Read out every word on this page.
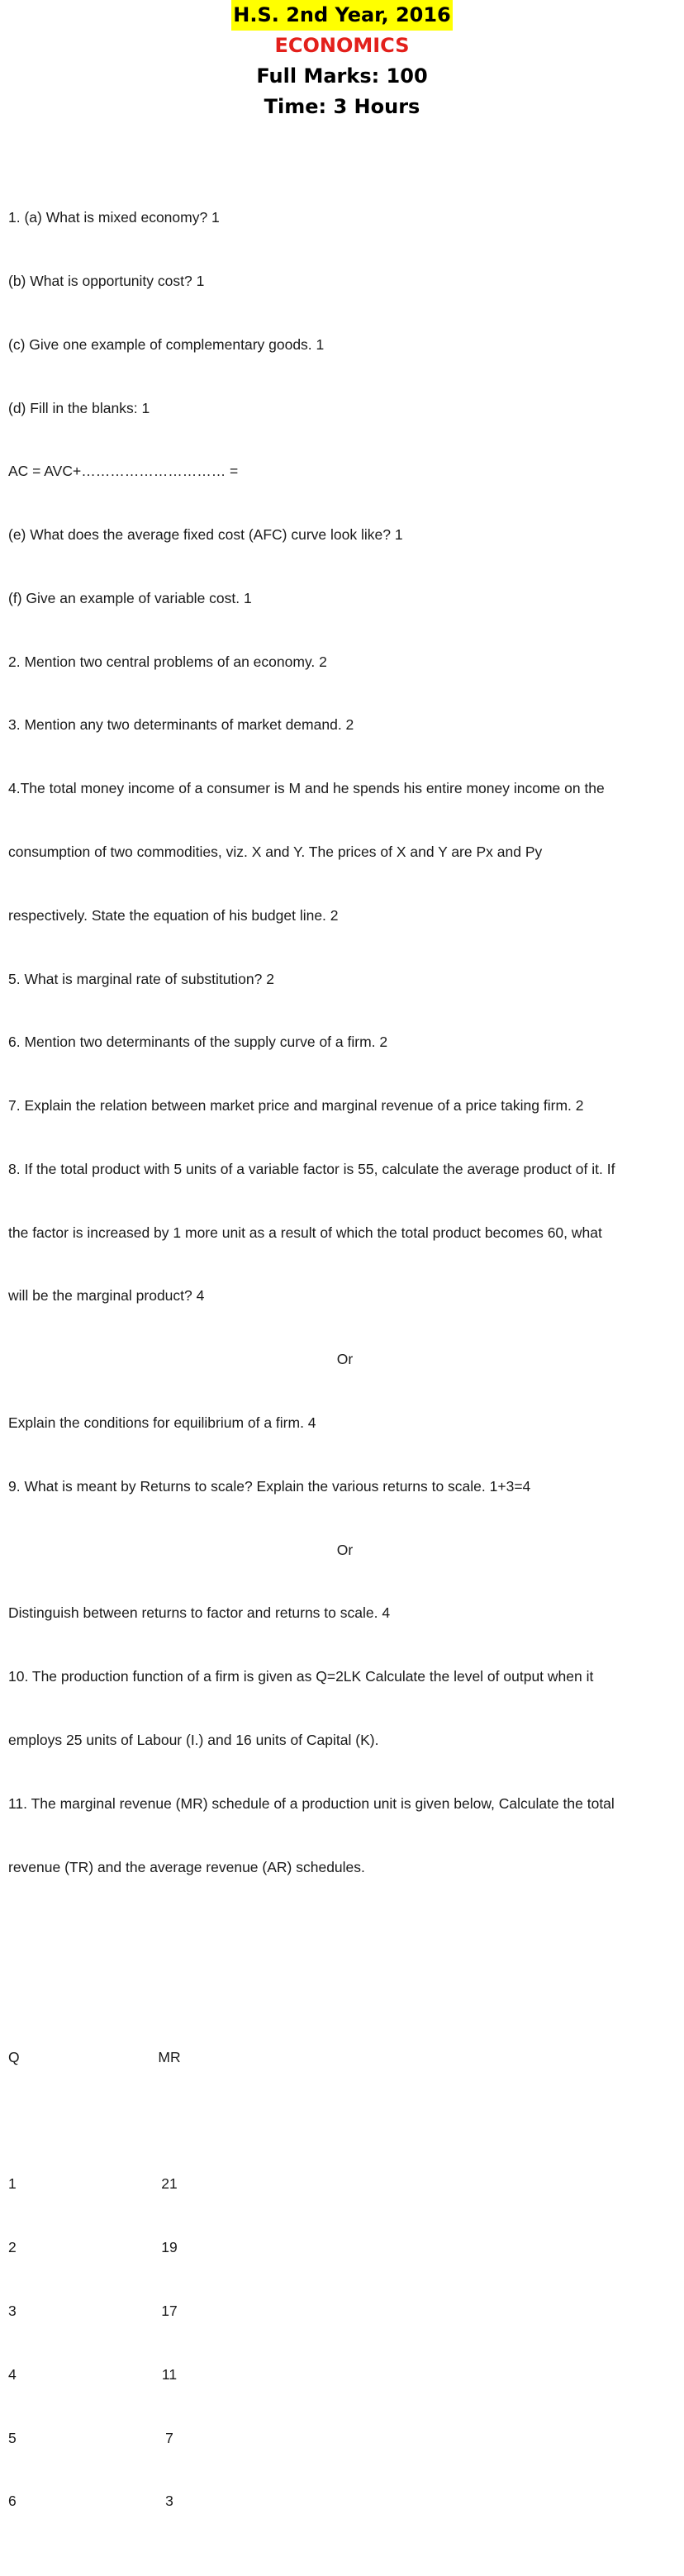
H.S. 2nd Year, 2016
ECONOMICS
Full Marks: 100
Time: 3 Hours

1. (a) What is mixed economy? 1

(b) What is opportunity cost? 1

(c) Give one example of complementary goods. 1

(d) Fill in the blanks: 1

AC = AVC+………………………… =

(e) What does the average fixed cost (AFC) curve look like? 1

(f) Give an example of variable cost. 1

2. Mention two central problems of an economy. 2

3. Mention any two determinants of market demand. 2

4.The total money income of a consumer is M and he spends his entire money income on the

consumption of two commodities, viz. X and Y. The prices of X and Y are Px and Py

respectively. State the equation of his budget line. 2

5. What is marginal rate of substitution? 2

6. Mention two determinants of the supply curve of a firm. 2

7. Explain the relation between market price and marginal revenue of a price taking firm. 2

8. If the total product with 5 units of a variable factor is 55, calculate the average product of it. If

the factor is increased by 1 more unit as a result of which the total product becomes 60, what

will be the marginal product? 4

Or

Explain the conditions for equilibrium of a firm. 4

9. What is meant by Returns to scale? Explain the various returns to scale. 1+3=4

Or

Distinguish between returns to factor and returns to scale. 4

10. The production function of a firm is given as Q=2LK Calculate the level of output when it

employs 25 units of Labour (I.) and 16 units of Capital (K).

11. The marginal revenue (MR) schedule of a production unit is given below, Calculate the total

revenue (TR) and the average revenue (AR) schedules.

Q	MR

1	21

2	19

3	17

4	11

5	7

6	3
